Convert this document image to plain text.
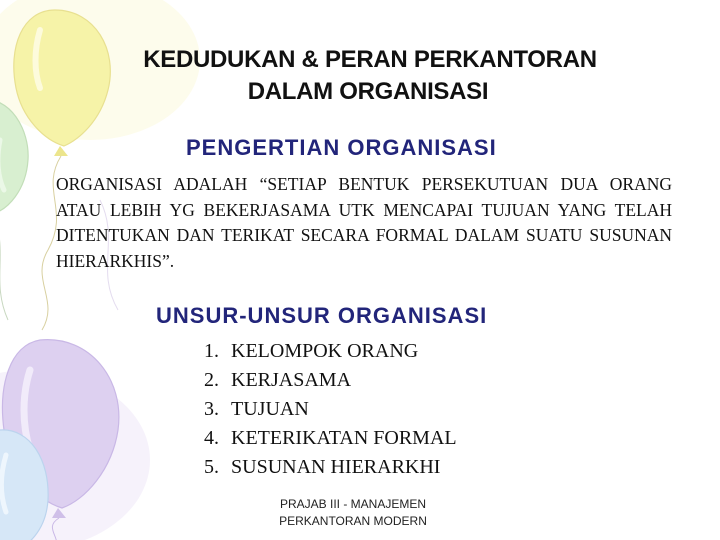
KEDUDUKAN & PERAN PERKANTORAN
DALAM ORGANISASI
PENGERTIAN ORGANISASI
ORGANISASI ADALAH “SETIAP BENTUK PERSEKUTUAN DUA ORANG ATAU LEBIH YG BEKERJASAMA UTK MENCAPAI TUJUAN YANG TELAH DITENTUKAN DAN TERIKAT SECARA FORMAL DALAM SUATU SUSUNAN HIERARKHIS”.
UNSUR-UNSUR ORGANISASI
1. KELOMPOK ORANG
2. KERJASAMA
3. TUJUAN
4. KETERIKATAN FORMAL
5. SUSUNAN HIERARKHI
PRAJAB III - MANAJEMEN
PERKANTORAN MODERN
